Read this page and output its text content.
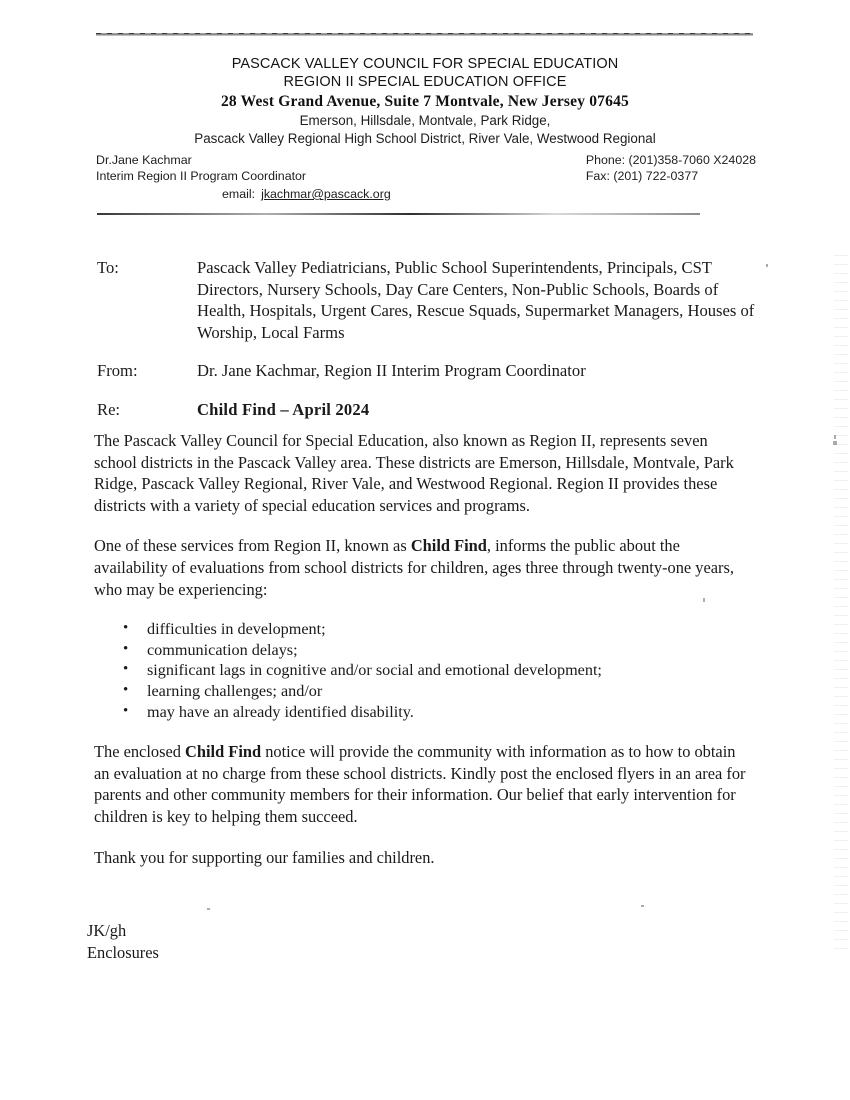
PASCACK VALLEY COUNCIL FOR SPECIAL EDUCATION
REGION II SPECIAL EDUCATION OFFICE
28 West Grand Avenue, Suite 7 Montvale, New Jersey 07645
Emerson, Hillsdale, Montvale, Park Ridge,
Pascack Valley Regional High School District, River Vale, Westwood Regional
Dr.Jane Kachmar
Interim Region II Program Coordinator
Phone: (201)358-7060 X24028
Fax: (201) 722-0377
email: jkachmar@pascack.org
To:	Pascack Valley Pediatricians, Public School Superintendents, Principals, CST Directors, Nursery Schools, Day Care Centers, Non-Public Schools, Boards of Health, Hospitals, Urgent Cares, Rescue Squads, Supermarket Managers, Houses of Worship, Local Farms
From:	Dr. Jane Kachmar, Region II Interim Program Coordinator
Re:	Child Find – April 2024

The Pascack Valley Council for Special Education, also known as Region II, represents seven school districts in the Pascack Valley area. These districts are Emerson, Hillsdale, Montvale, Park Ridge, Pascack Valley Regional, River Vale, and Westwood Regional. Region II provides these districts with a variety of special education services and programs.

One of these services from Region II, known as Child Find, informs the public about the availability of evaluations from school districts for children, ages three through twenty-one years, who may be experiencing:

• difficulties in development;
• communication delays;
• significant lags in cognitive and/or social and emotional development;
• learning challenges; and/or
• may have an already identified disability.

The enclosed Child Find notice will provide the community with information as to how to obtain an evaluation at no charge from these school districts. Kindly post the enclosed flyers in an area for parents and other community members for their information. Our belief that early intervention for children is key to helping them succeed.

Thank you for supporting our families and children.

JK/gh
Enclosures
